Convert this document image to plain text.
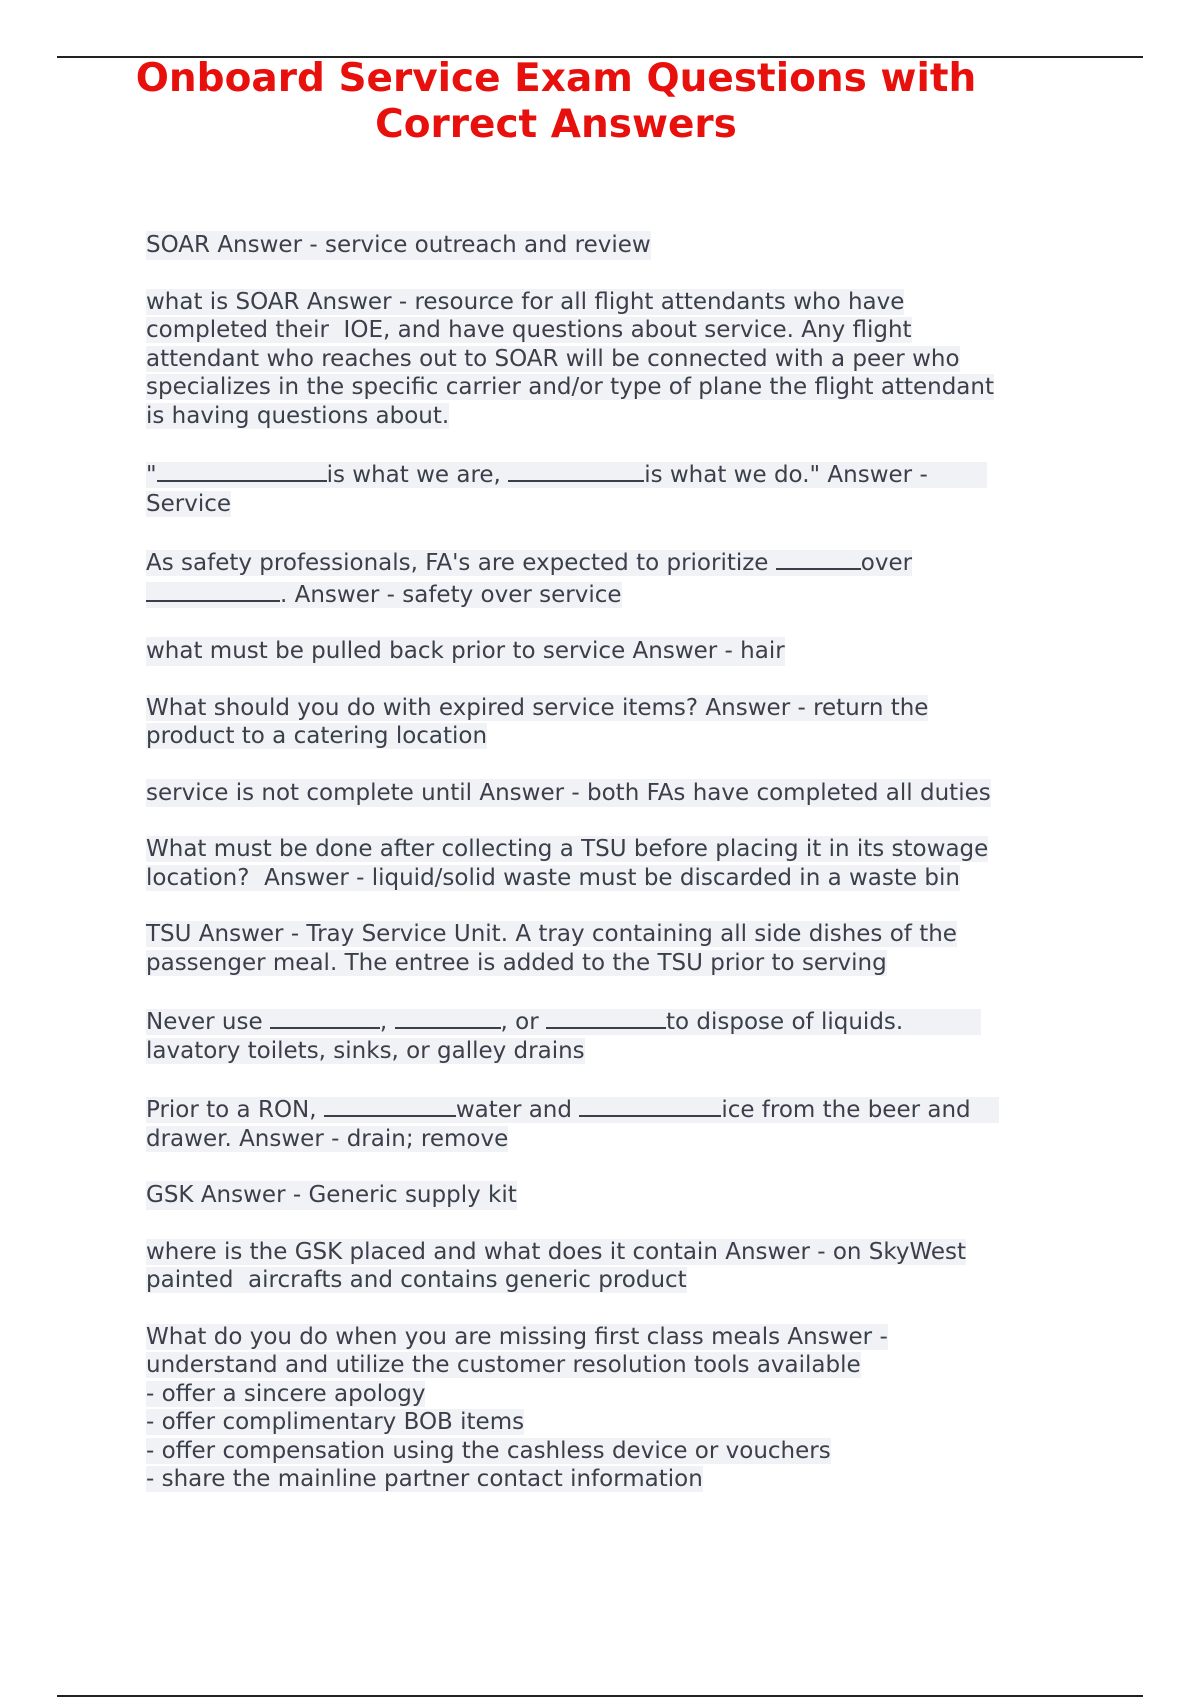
Onboard Service Exam Questions with
Correct Answers
SOAR Answer - service outreach and review
what is SOAR Answer - resource for all flight attendants who have
completed their  IOE, and have questions about service. Any flight
attendant who reaches out to SOAR will be connected with a peer who
specializes in the specific carrier and/or type of plane the flight attendant
is having questions about.
"	is what we are,	is what we do." Answer -
Service
As safety professionals, FA's are expected to prioritize	over
. Answer - safety over service
what must be pulled back prior to service Answer - hair
What should you do with expired service items? Answer - return the
product to a catering location
service is not complete until Answer - both FAs have completed all duties
What must be done after collecting a TSU before placing it in its stowage
location?  Answer - liquid/solid waste must be discarded in a waste bin
TSU Answer - Tray Service Unit. A tray containing all side dishes of the
passenger meal. The entree is added to the TSU prior to serving
Never use	,	, or	to dispose of liquids.
lavatory toilets, sinks, or galley drains
Prior to a RON,	water and	ice from the beer and
drawer. Answer - drain; remove
GSK Answer - Generic supply kit
where is the GSK placed and what does it contain Answer - on SkyWest
painted  aircrafts and contains generic product
What do you do when you are missing first class meals Answer -
understand and utilize the customer resolution tools available
- offer a sincere apology
- offer complimentary BOB items
- offer compensation using the cashless device or vouchers
- share the mainline partner contact information
